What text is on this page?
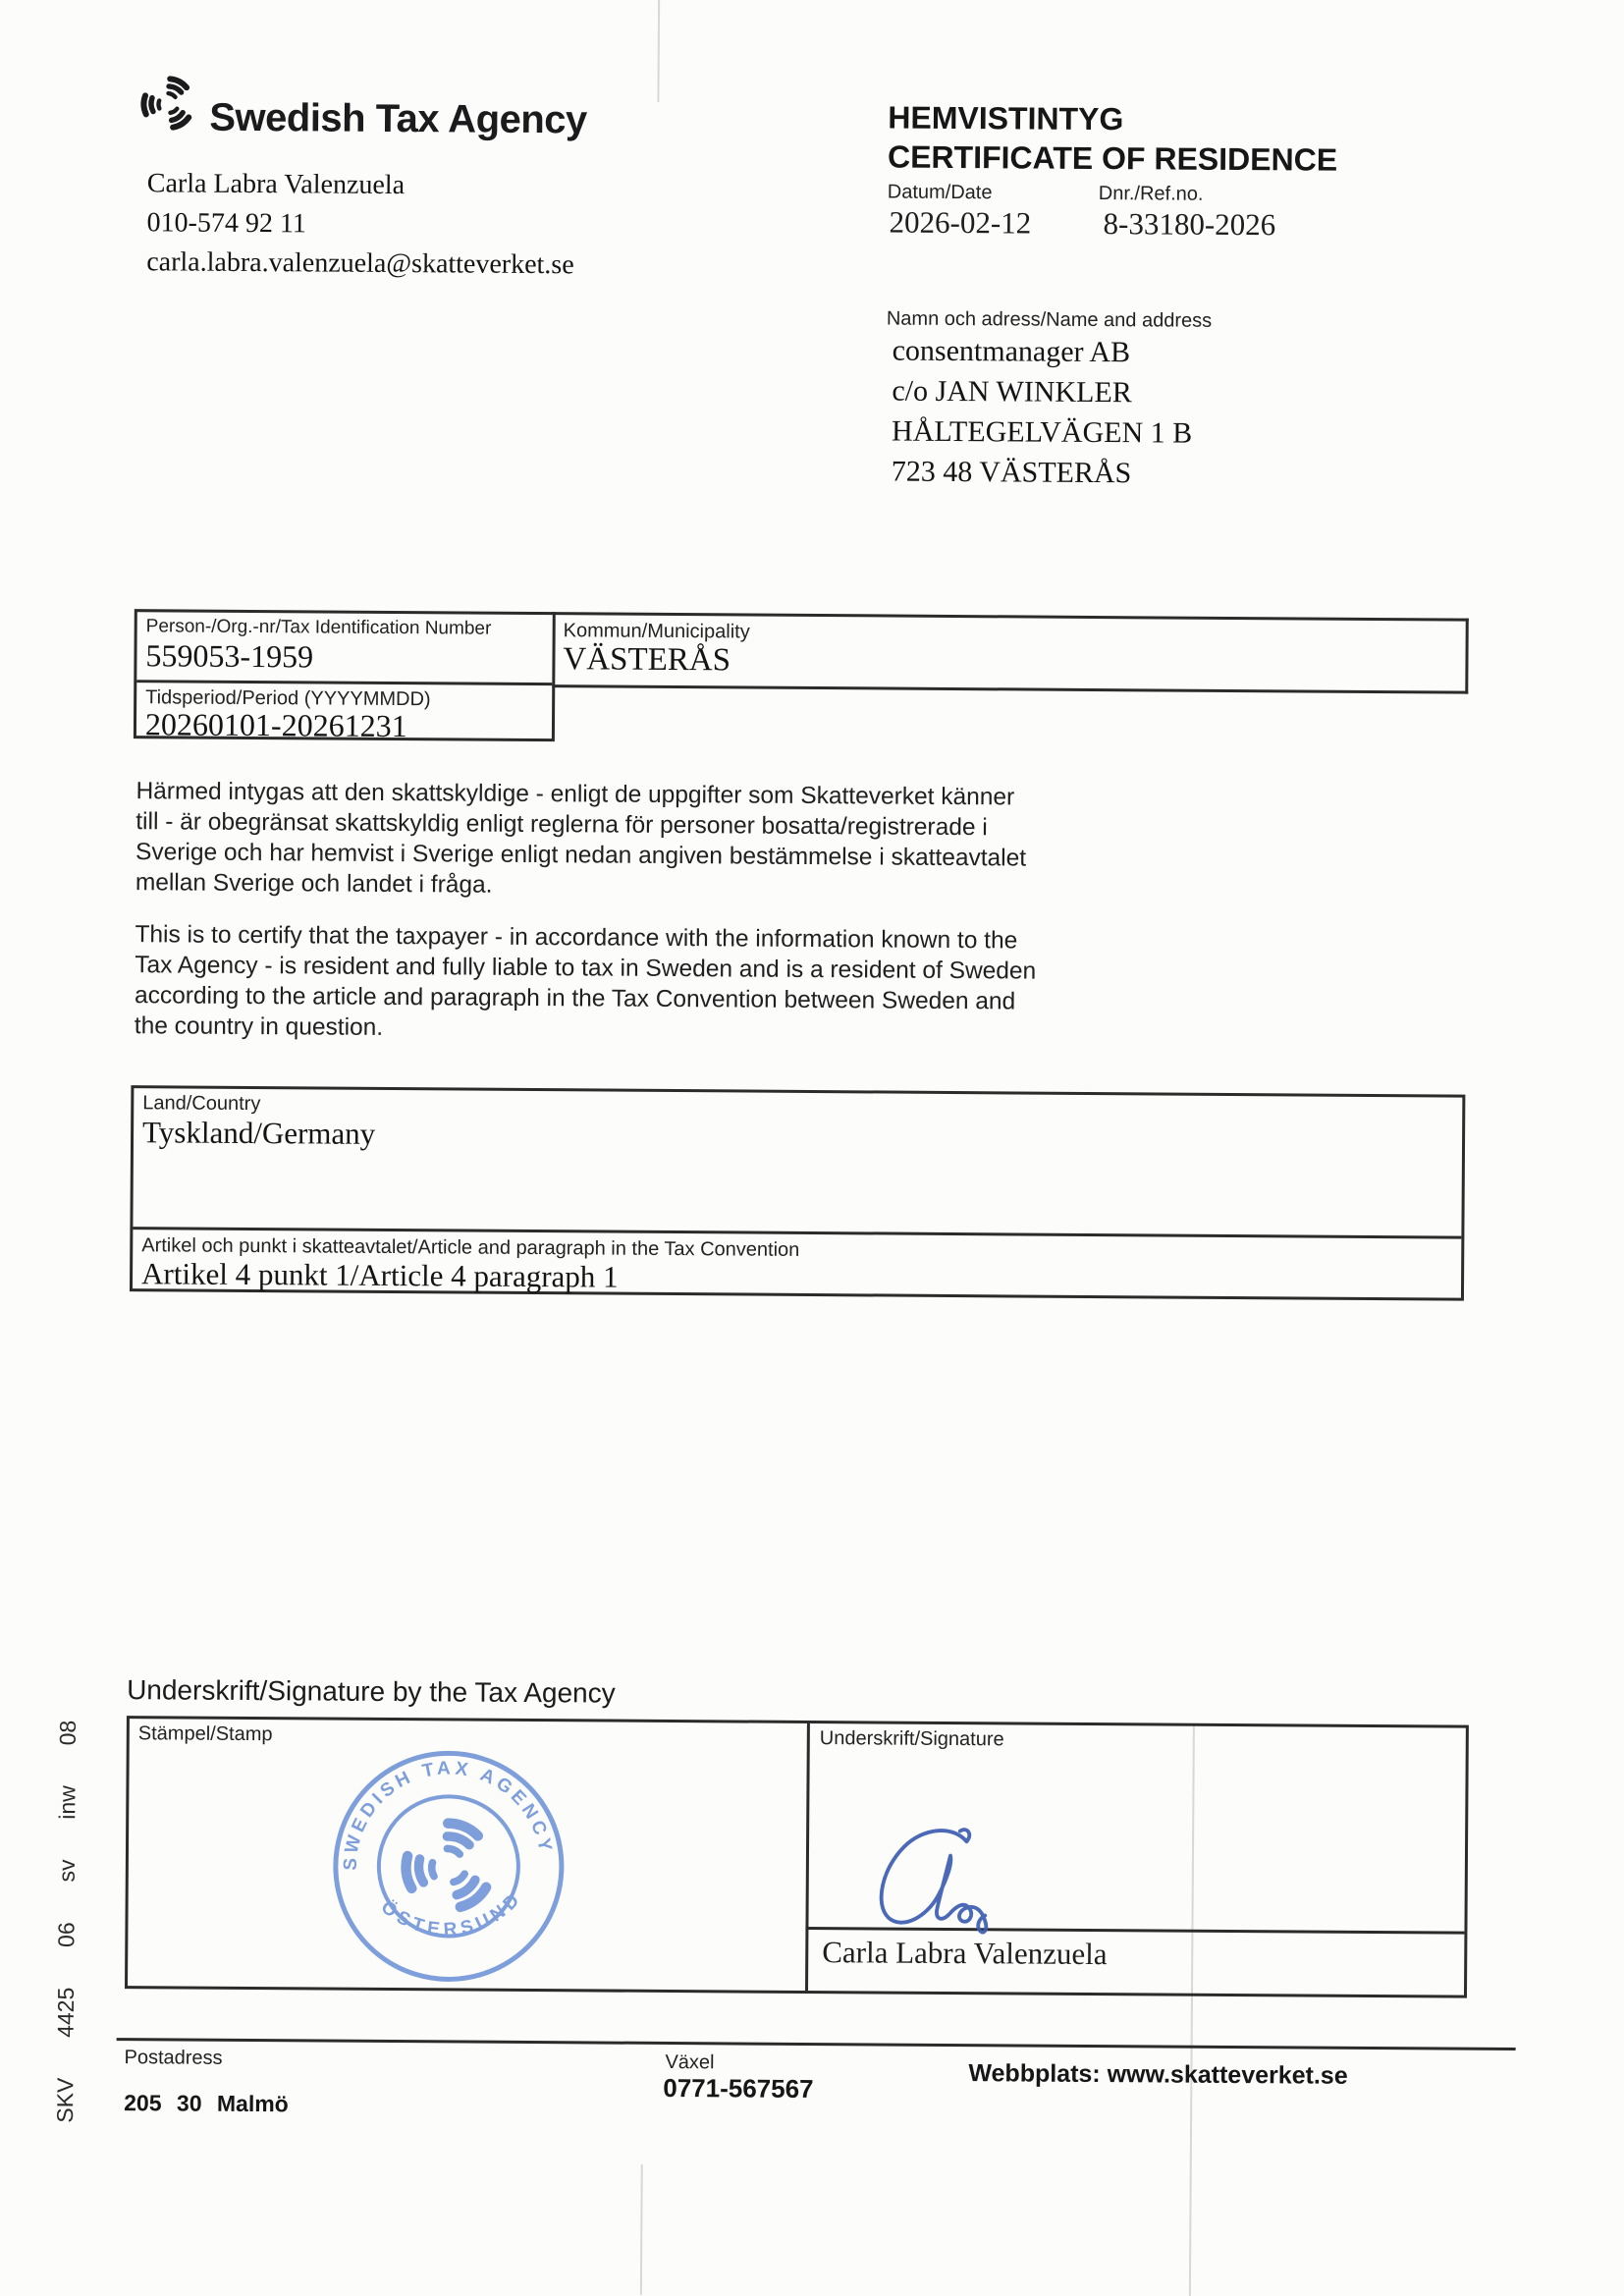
Swedish Tax Agency
Carla Labra Valenzuela
010-574 92 11
carla.labra.valenzuela@skatteverket.se
HEMVISTINTYG
CERTIFICATE OF RESIDENCE
Datum/Date	Dnr./Ref.no.
2026-02-12 8-33180-2026
Namn och adress/Name and address
consentmanager AB
c/o JAN WINKLER
HÅLTEGELVÄGEN 1 B
723 48 VÄSTERÅS
Person-/Org.-nr/Tax Identification Number
559053-1959
Tidsperiod/Period (YYYYMMDD)
20260101-20261231
Kommun/Municipality
VÄSTERÅS
Härmed intygas att den skattskyldige - enligt de uppgifter som Skatteverket känner
till - är obegränsat skattskyldig enligt reglerna för personer bosatta/registrerade i
Sverige och har hemvist i Sverige enligt nedan angiven bestämmelse i skatteavtalet
mellan Sverige och landet i fråga.
This is to certify that the taxpayer - in accordance with the information known to the
Tax Agency - is resident and fully liable to tax in Sweden and is a resident of Sweden
according to the article and paragraph in the Tax Convention between Sweden and
the country in question.
Land/Country
Tyskland/Germany
Artikel och punkt i skatteavtalet/Article and paragraph in the Tax Convention
Artikel 4 punkt 1/Article 4 paragraph 1
Underskrift/Signature by the Tax Agency
Stämpel/Stamp	Underskrift/Signature
Carla Labra Valenzuela
SWEDISH TAX AGENCY
ÖSTERSUND
Postadress
205 30 Malmö
Växel
0771-567567	Webbplats: www.skatteverket.se
SKV
4425
06
sv
inw
08
